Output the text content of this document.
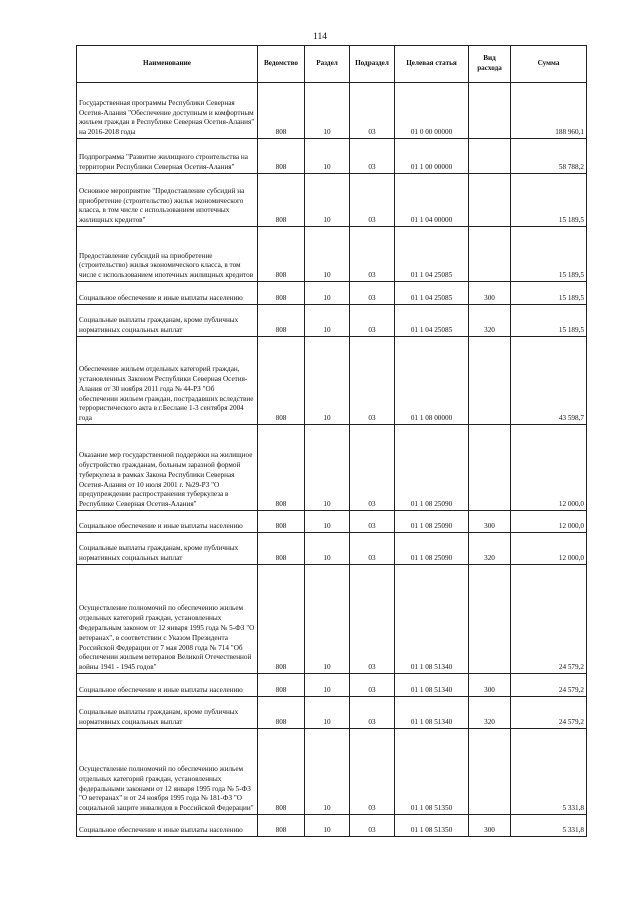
114
Наименование	Ведомство	Раздел	Подраздел	Целевая статья	Вид расхода	Сумма
Государственная программы Республики Северная Осетия-Алания "Обеспечение доступным и комфортным жильем граждан в Республике Северная Осетия-Алания" на 2016-2018 годы	808	10	03	01 0 00 00000		188 960,1
Подпрограмма "Развитие жилищного строительства на территории Республики Северная Осетия-Алания"	808	10	03	01 1 00 00000		58 788,2
Основное мероприятие "Предоставление субсидий на приобретение (строительство) жилья экономического класса, в том числе с использованием ипотечных жилищных кредитов"	808	10	03	01 1 04 00000		15 189,5
Предоставление субсидий на приобретение (строительство) жилья экономического класса, в том числе с использованием ипотечных жилищных кредитов	808	10	03	01 1 04 25085		15 189,5
Социальное обеспечение и иные выплаты населению	808	10	03	01 1 04 25085	300	15 189,5
Социальные выплаты гражданам, кроме публичных нормативных социальных выплат	808	10	03	01 1 04 25085	320	15 189,5
Обеспечение жильем отдельных категорий граждан, установленных Законом Республики Северная Осетия-Алания от 30 ноября 2011 года № 44-РЗ "Об обеспечении жильем граждан, пострадавших вследствие террористического акта в г.Беслане 1-3 сентября 2004 года	808	10	03	01 1 08 00000		43 598,7
Оказание мер государственной поддержки на жилищное обустройство гражданам, больным заразной формой туберкулеза в рамках Закона Республики Северная Осетия-Алания от 10 июля 2001 г. №29-РЗ "О предупреждении распространения туберкулеза в Республике Северная Осетия-Алания"	808	10	03	01 1 08 25090		12 000,0
Социальное обеспечение и иные выплаты населению	808	10	03	01 1 08 25090	300	12 000,0
Социальные выплаты гражданам, кроме публичных нормативных социальных выплат	808	10	03	01 1 08 25090	320	12 000,0
Осуществление полномочий по обеспечению жильем отдельных категорий граждан, установленных Федеральным законом от 12 января 1995 года № 5-ФЗ "О ветеранах", в соответствии с Указом Президента Российской Федерации от 7 мая 2008 года № 714 "Об обеспечении жильем ветеранов Великой Отечественной войны 1941 - 1945 годов"	808	10	03	01 1 08 51340		24 579,2
Социальное обеспечение и иные выплаты населению	808	10	03	01 1 08 51340	300	24 579,2
Социальные выплаты гражданам, кроме публичных нормативных социальных выплат	808	10	03	01 1 08 51340	320	24 579,2
Осуществление полномочий по обеспечению жильем отдельных категорий граждан, установленных федеральными законами от 12 января 1995 года № 5-ФЗ "О ветеранах" и от 24 ноября 1995 года № 181-ФЗ "О социальной защите инвалидов в Российской Федерации"	808	10	03	01 1 08 51350		5 331,8
Социальное обеспечение и иные выплаты населению	808	10	03	01 1 08 51350	300	5 331,8
